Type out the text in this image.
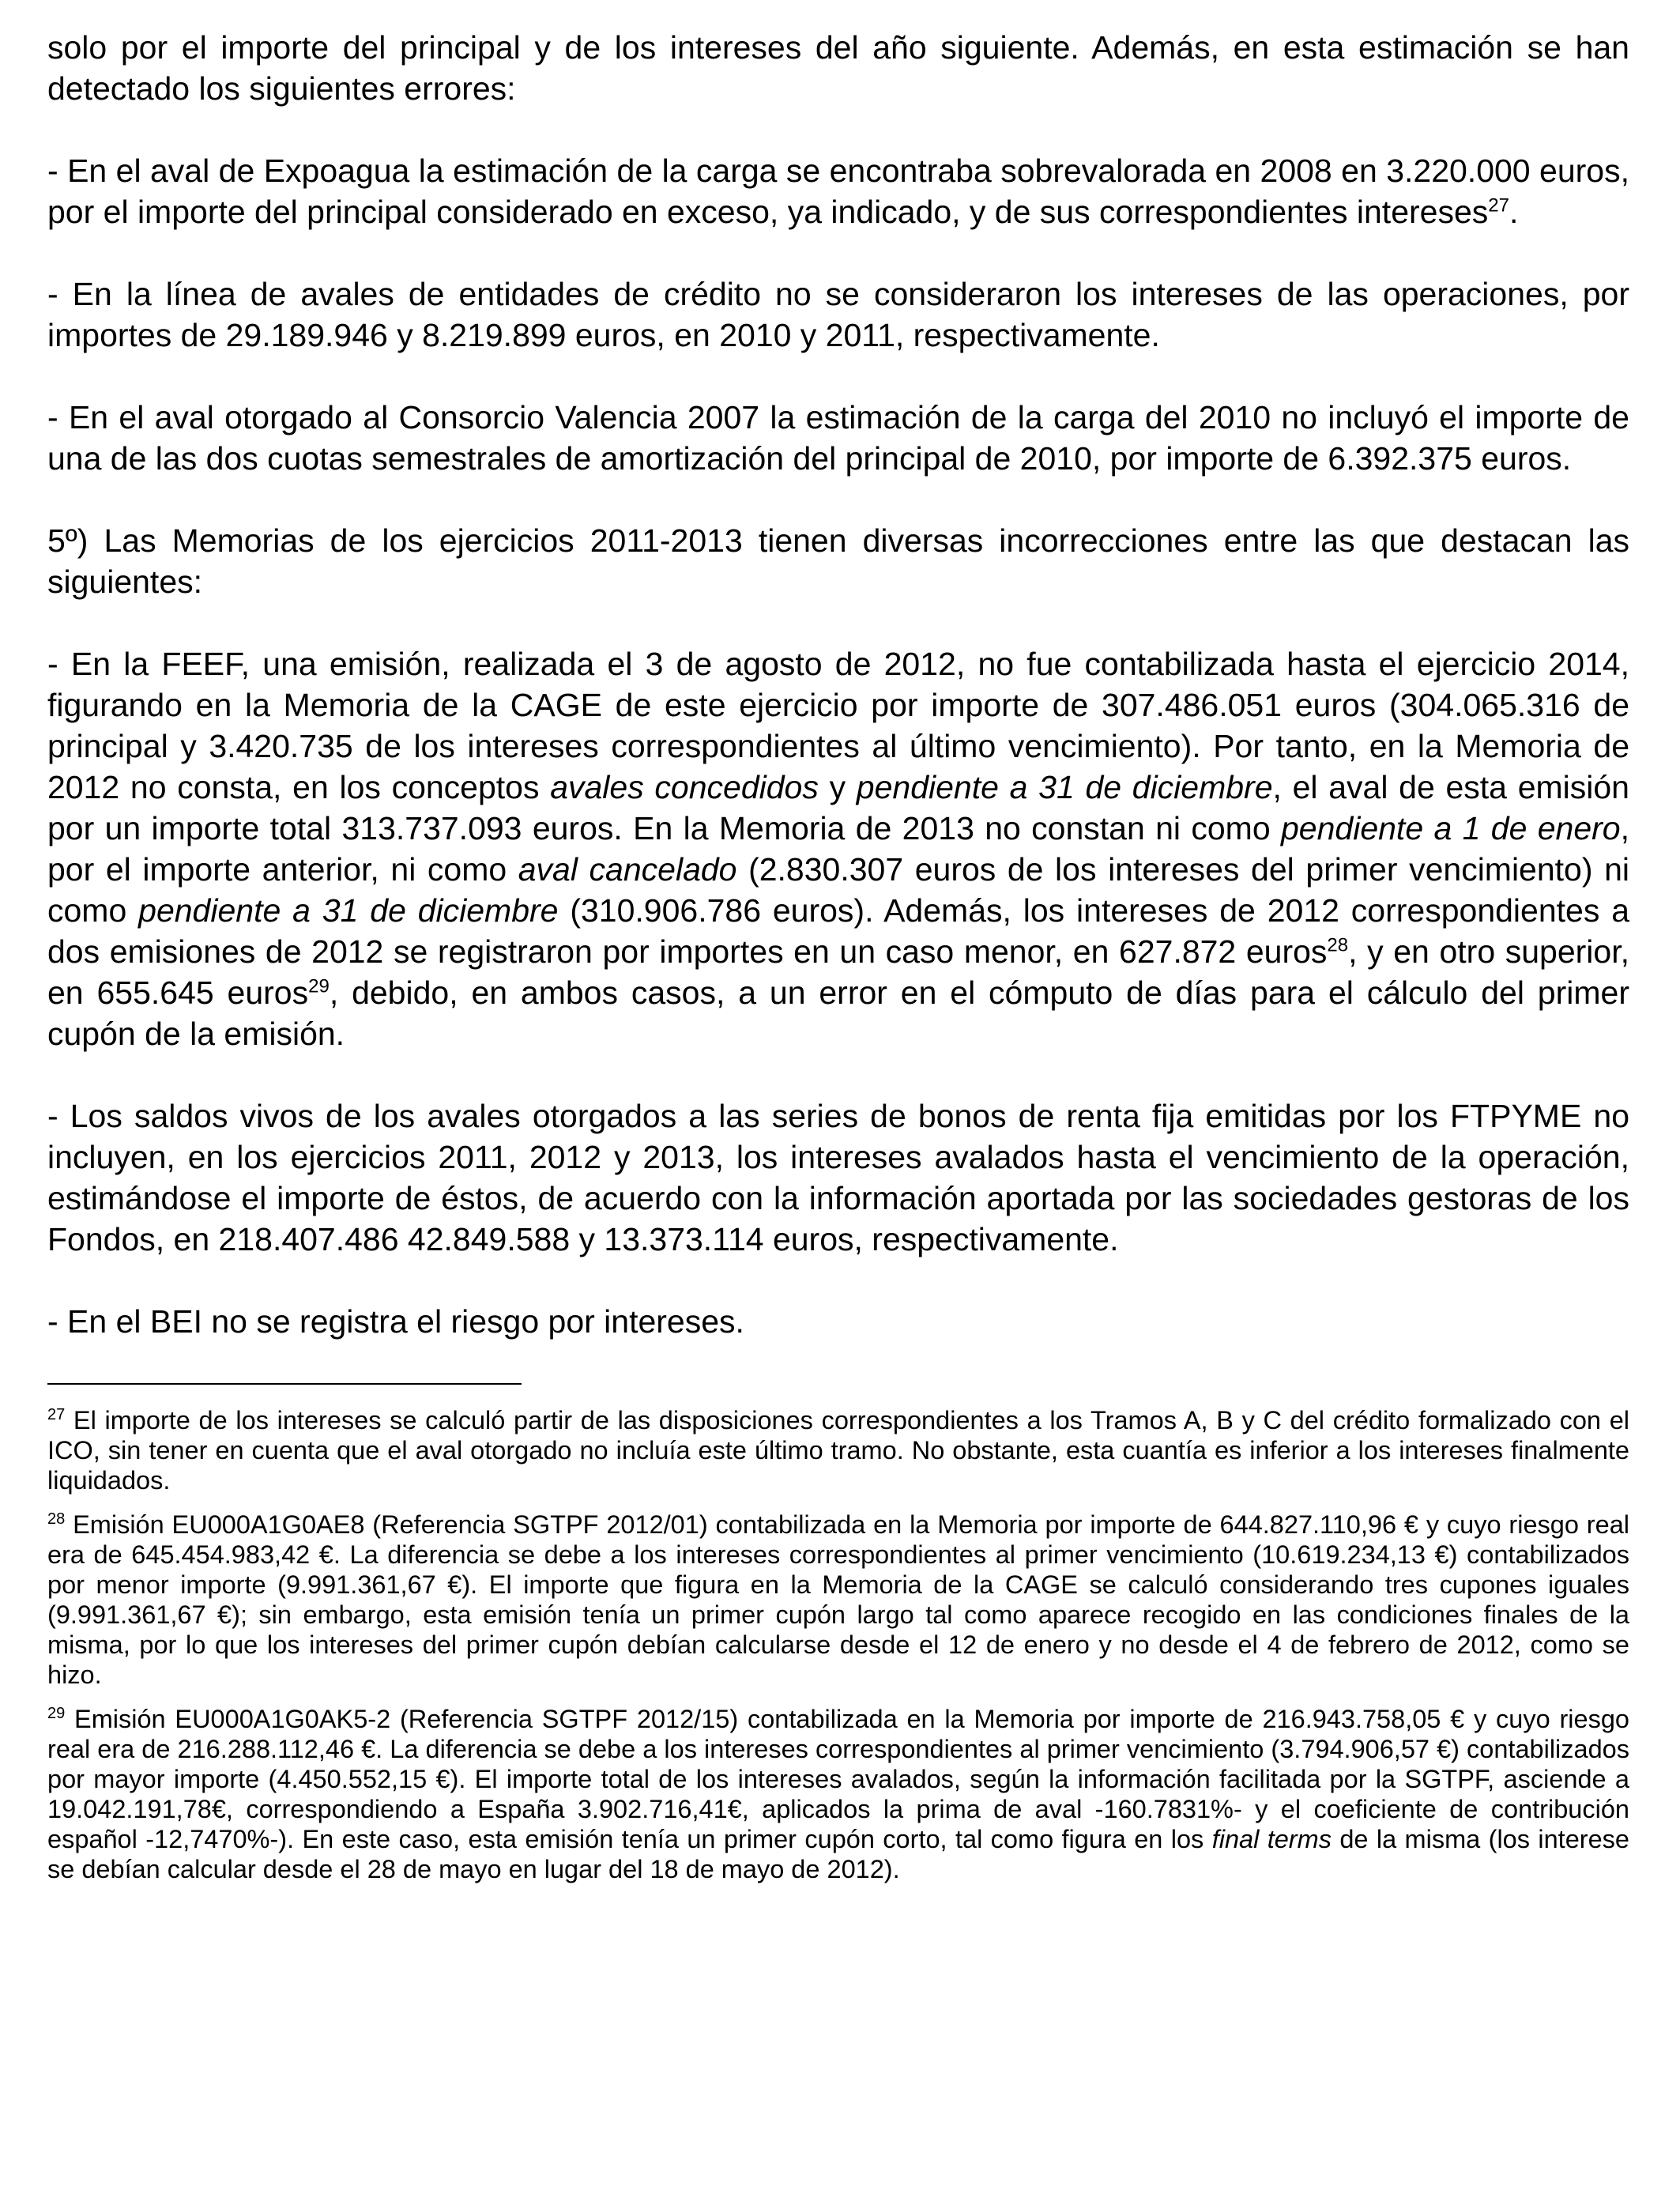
solo por el importe del principal y de los intereses del año siguiente. Además, en esta estimación se han detectado los siguientes errores:

- En el aval de Expoagua la estimación de la carga se encontraba sobrevalorada en 2008 en 3.220.000 euros, por el importe del principal considerado en exceso, ya indicado, y de sus correspondientes intereses$^{27}$.

- En la línea de avales de entidades de crédito no se consideraron los intereses de las operaciones, por importes de 29.189.946 y 8.219.899 euros, en 2010 y 2011, respectivamente.

- En el aval otorgado al Consorcio Valencia 2007 la estimación de la carga del 2010 no incluyó el importe de una de las dos cuotas semestrales de amortización del principal de 2010, por importe de 6.392.375 euros.

5º) Las Memorias de los ejercicios 2011-2013 tienen diversas incorrecciones entre las que destacan las siguientes:

- En la FEEF, una emisión, realizada el 3 de agosto de 2012, no fue contabilizada hasta el ejercicio 2014, figurando en la Memoria de la CAGE de este ejercicio por importe de 307.486.051 euros (304.065.316 de principal y 3.420.735 de los intereses correspondientes al último vencimiento). Por tanto, en la Memoria de 2012 no consta, en los conceptos avales concedidos y pendiente a 31 de diciembre, el aval de esta emisión por un importe total 313.737.093 euros. En la Memoria de 2013 no constan ni como pendiente a 1 de enero, por el importe anterior, ni como aval cancelado (2.830.307 euros de los intereses del primer vencimiento) ni como pendiente a 31 de diciembre (310.906.786 euros). Además, los intereses de 2012 correspondientes a dos emisiones de 2012 se registraron por importes en un caso menor, en 627.872 euros$^{28}$, y en otro superior, en 655.645 euros$^{29}$, debido, en ambos casos, a un error en el cómputo de días para el cálculo del primer cupón de la emisión.

- Los saldos vivos de los avales otorgados a las series de bonos de renta fija emitidas por los FTPYME no incluyen, en los ejercicios 2011, 2012 y 2013, los intereses avalados hasta el vencimiento de la operación, estimándose el importe de éstos, de acuerdo con la información aportada por las sociedades gestoras de los Fondos, en 218.407.486 42.849.588 y 13.373.114 euros, respectivamente.

- En el BEI no se registra el riesgo por intereses.

$^{27}$ El importe de los intereses se calculó partir de las disposiciones correspondientes a los Tramos A, B y C del crédito formalizado con el ICO, sin tener en cuenta que el aval otorgado no incluía este último tramo. No obstante, esta cuantía es inferior a los intereses finalmente liquidados.

$^{28}$ Emisión EU000A1G0AE8 (Referencia SGTPF 2012/01) contabilizada en la Memoria por importe de 644.827.110,96 € y cuyo riesgo real era de 645.454.983,42 €. La diferencia se debe a los intereses correspondientes al primer vencimiento (10.619.234,13 €) contabilizados por menor importe (9.991.361,67 €). El importe que figura en la Memoria de la CAGE se calculó considerando tres cupones iguales (9.991.361,67 €); sin embargo, esta emisión tenía un primer cupón largo tal como aparece recogido en las condiciones finales de la misma, por lo que los intereses del primer cupón debían calcularse desde el 12 de enero y no desde el 4 de febrero de 2012, como se hizo.

$^{29}$ Emisión EU000A1G0AK5-2 (Referencia SGTPF 2012/15) contabilizada en la Memoria por importe de 216.943.758,05 € y cuyo riesgo real era de 216.288.112,46 €. La diferencia se debe a los intereses correspondientes al primer vencimiento (3.794.906,57 €) contabilizados por mayor importe (4.450.552,15 €). El importe total de los intereses avalados, según la información facilitada por la SGTPF, asciende a 19.042.191,78€, correspondiendo a España 3.902.716,41€, aplicados la prima de aval -160.7831%- y el coeficiente de contribución español -12,7470%-). En este caso, esta emisión tenía un primer cupón corto, tal como figura en los final terms de la misma (los interese se debían calcular desde el 28 de mayo en lugar del 18 de mayo de 2012).
